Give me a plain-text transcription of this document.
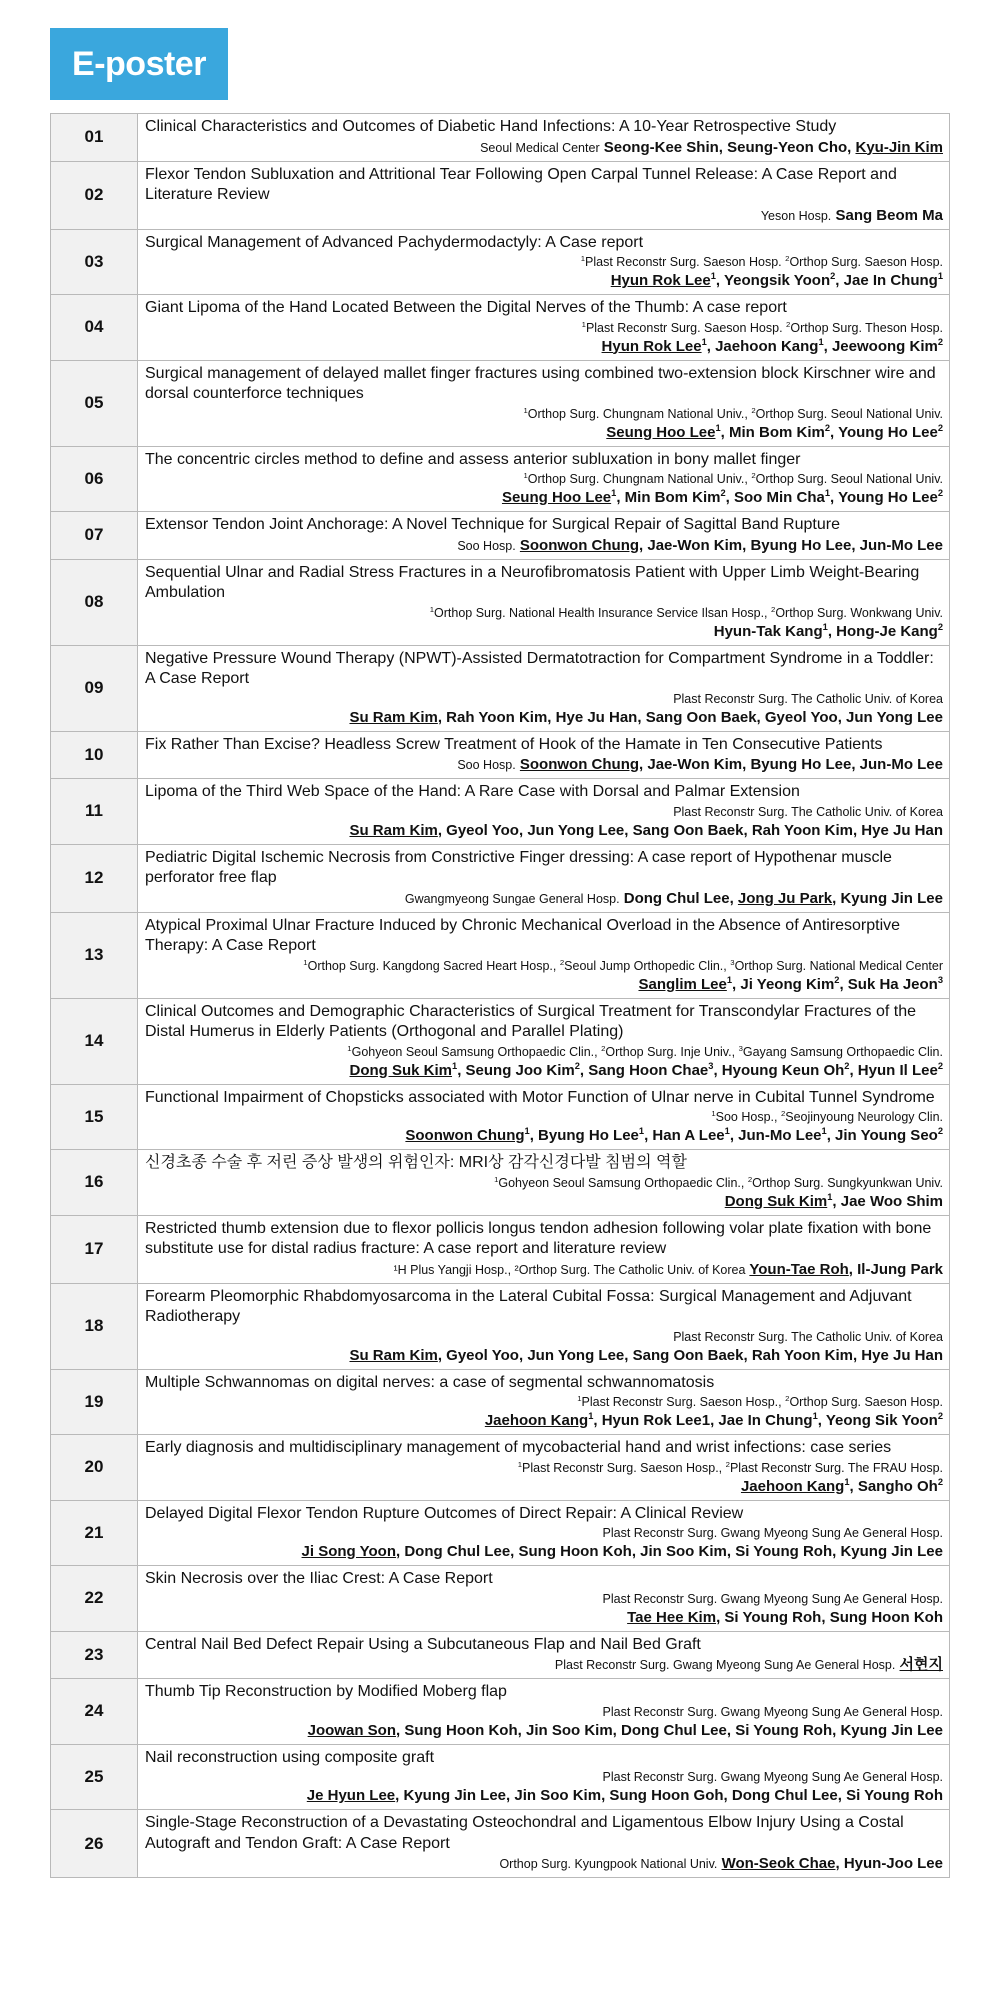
E-poster
01	Clinical Characteristics and Outcomes of Diabetic Hand Infections: A 10-Year Retrospective Study
Seoul Medical Center Seong-Kee Shin, Seung-Yeon Cho, Kyu-Jin Kim

02	Flexor Tendon Subluxation and Attritional Tear Following Open Carpal Tunnel Release: A Case Report and Literature Review
Yeson Hosp. Sang Beom Ma

03	Surgical Management of Advanced Pachydermodactyly: A Case report
$^1$Plast Reconstr Surg. Saeson Hosp. $^2$Orthop Surg. Saeson Hosp.
Hyun Rok Lee$^1$, Yeongsik Yoon$^2$, Jae In Chung$^1$

04	Giant Lipoma of the Hand Located Between the Digital Nerves of the Thumb: A case report
$^1$Plast Reconstr Surg. Saeson Hosp. $^2$Orthop Surg. Theson Hosp.
Hyun Rok Lee$^1$, Jaehoon Kang$^1$, Jeewoong Kim$^2$

05	Surgical management of delayed mallet finger fractures using combined two-extension block Kirschner wire and dorsal counterforce techniques
$^1$Orthop Surg. Chungnam National Univ., $^2$Orthop Surg. Seoul National Univ.
Seung Hoo Lee$^1$, Min Bom Kim$^2$, Young Ho Lee$^2$

06	The concentric circles method to define and assess anterior subluxation in bony mallet finger
$^1$Orthop Surg. Chungnam National Univ., $^2$Orthop Surg. Seoul National Univ.
Seung Hoo Lee$^1$, Min Bom Kim$^2$, Soo Min Cha$^1$, Young Ho Lee$^2$

07	Extensor Tendon Joint Anchorage: A Novel Technique for Surgical Repair of Sagittal Band Rupture
Soo Hosp. Soonwon Chung, Jae-Won Kim, Byung Ho Lee, Jun-Mo Lee

08	Sequential Ulnar and Radial Stress Fractures in a Neurofibromatosis Patient with Upper Limb Weight-Bearing Ambulation
$^1$Orthop Surg. National Health Insurance Service Ilsan Hosp., $^2$Orthop Surg. Wonkwang Univ.
Hyun-Tak Kang$^1$, Hong-Je Kang$^2$

09	Negative Pressure Wound Therapy (NPWT)-Assisted Dermatotraction for Compartment Syndrome in a Toddler: A Case Report
Plast Reconstr Surg. The Catholic Univ. of Korea
Su Ram Kim, Rah Yoon Kim, Hye Ju Han, Sang Oon Baek, Gyeol Yoo, Jun Yong Lee

10	Fix Rather Than Excise? Headless Screw Treatment of Hook of the Hamate in Ten Consecutive Patients
Soo Hosp. Soonwon Chung, Jae-Won Kim, Byung Ho Lee, Jun-Mo Lee

11	Lipoma of the Third Web Space of the Hand: A Rare Case with Dorsal and Palmar Extension
Plast Reconstr Surg. The Catholic Univ. of Korea
Su Ram Kim, Gyeol Yoo, Jun Yong Lee, Sang Oon Baek, Rah Yoon Kim, Hye Ju Han

12	Pediatric Digital Ischemic Necrosis from Constrictive Finger dressing: A case report of Hypothenar muscle perforator free flap
Gwangmyeong Sungae General Hosp. Dong Chul Lee, Jong Ju Park, Kyung Jin Lee

13	Atypical Proximal Ulnar Fracture Induced by Chronic Mechanical Overload in the Absence of Antiresorptive Therapy: A Case Report
$^1$Orthop Surg. Kangdong Sacred Heart Hosp., $^2$Seoul Jump Orthopedic Clin., $^3$Orthop Surg. National Medical Center
Sanglim Lee$^1$, Ji Yeong Kim$^2$, Suk Ha Jeon$^3$

14	Clinical Outcomes and Demographic Characteristics of Surgical Treatment for Transcondylar Fractures of the Distal Humerus in Elderly Patients (Orthogonal and Parallel Plating)
$^1$Gohyeon Seoul Samsung Orthopaedic Clin., $^2$Orthop Surg. Inje Univ., $^3$Gayang Samsung Orthopaedic Clin.
Dong Suk Kim$^1$, Seung Joo Kim$^2$, Sang Hoon Chae$^3$, Hyoung Keun Oh$^2$, Hyun Il Lee$^2$

15	Functional Impairment of Chopsticks associated with Motor Function of Ulnar nerve in Cubital Tunnel Syndrome
$^1$Soo Hosp., $^2$Seojinyoung Neurology Clin.
Soonwon Chung$^1$, Byung Ho Lee$^1$, Han A Lee$^1$, Jun-Mo Lee$^1$, Jin Young Seo$^2$

16	신경초종 수술 후 저린 증상 발생의 위험인자: MRI상 감각신경다발 침범의 역할
$^1$Gohyeon Seoul Samsung Orthopaedic Clin., $^2$Orthop Surg. Sungkyunkwan Univ.
Dong Suk Kim$^1$, Jae Woo Shim

17	Restricted thumb extension due to flexor pollicis longus tendon adhesion following volar plate fixation with bone substitute use for distal radius fracture: A case report and literature review
¹H Plus Yangji Hosp., ²Orthop Surg. The Catholic Univ. of Korea Youn-Tae Roh, Il-Jung Park

18	Forearm Pleomorphic Rhabdomyosarcoma in the Lateral Cubital Fossa: Surgical Management and Adjuvant Radiotherapy
Plast Reconstr Surg. The Catholic Univ. of Korea
Su Ram Kim, Gyeol Yoo, Jun Yong Lee, Sang Oon Baek, Rah Yoon Kim, Hye Ju Han

19	Multiple Schwannomas on digital nerves: a case of segmental schwannomatosis
$^1$Plast Reconstr Surg. Saeson Hosp., $^2$Orthop Surg. Saeson Hosp.
Jaehoon Kang$^1$, Hyun Rok Lee1, Jae In Chung$^1$, Yeong Sik Yoon$^2$

20	Early diagnosis and multidisciplinary management of mycobacterial hand and wrist infections: case series
$^1$Plast Reconstr Surg. Saeson Hosp., $^2$Plast Reconstr Surg. The FRAU Hosp.
Jaehoon Kang$^1$, Sangho Oh$^2$

21	Delayed Digital Flexor Tendon Rupture Outcomes of Direct Repair: A Clinical Review
Plast Reconstr Surg. Gwang Myeong Sung Ae General Hosp.
Ji Song Yoon, Dong Chul Lee, Sung Hoon Koh, Jin Soo Kim, Si Young Roh, Kyung Jin Lee

22	Skin Necrosis over the Iliac Crest: A Case Report
Plast Reconstr Surg. Gwang Myeong Sung Ae General Hosp.
Tae Hee Kim, Si Young Roh, Sung Hoon Koh

23	Central Nail Bed Defect Repair Using a Subcutaneous Flap and Nail Bed Graft
Plast Reconstr Surg. Gwang Myeong Sung Ae General Hosp. 서현지

24	Thumb Tip Reconstruction by Modified Moberg flap
Plast Reconstr Surg. Gwang Myeong Sung Ae General Hosp.
Joowan Son, Sung Hoon Koh, Jin Soo Kim, Dong Chul Lee, Si Young Roh, Kyung Jin Lee

25	Nail reconstruction using composite graft
Plast Reconstr Surg. Gwang Myeong Sung Ae General Hosp.
Je Hyun Lee, Kyung Jin Lee, Jin Soo Kim, Sung Hoon Goh, Dong Chul Lee, Si Young Roh

26	Single-Stage Reconstruction of a Devastating Osteochondral and Ligamentous Elbow Injury Using a Costal Autograft and Tendon Graft: A Case Report
Orthop Surg. Kyungpook National Univ. Won-Seok Chae, Hyun-Joo Lee
